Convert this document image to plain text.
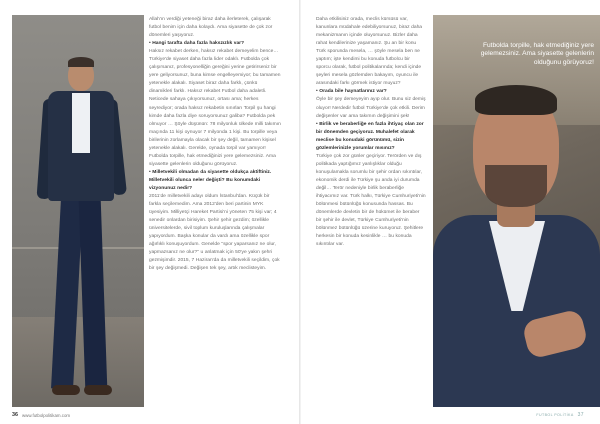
Allah'ın verdiği yeteneği biraz daha ilerleterek, çalışarak futbol benim için daha kolaydı. Ama siyasette de çok zor dönemleri yaşıyoruz.

• Hangi tarafta daha fazla hakszızlık var?

Haksız rekabet derken, haksız rekabet demeyelim bence… Türkiye'de siyaset daha fazla lider odaklı. Futbolda çok çalışırsanız, profesyonelliğin gereğini yerine getirirseniz bir yere geliyorsunuz, buna kimse engelleyemiyor; bu tamamen yeteneklе alakalı. Siyaset biraz daha farklı, çünkü dinamikleri farklı. Haksız rekabet Futbol daha adaletli. Neticede sahaya çıkıyorsunuz, ortası ama; herkes seyrediyor; orada haksız rekabetin sınırları Torpil şu hangi kimde daha fazla diye soruyorsunuz galiba? Futbolda pek olmuyor … Şöyle düşünün: 78 milyonluk ülkede milli takımın maçında 11 kişi oynuyor 7 milyonda 1 kişi. Bu torpille veya birilerinin zorlamayla olacak bir şey değil, tamamen kişisel yetenekle alakalı. Gerelde, oynada torpil var yamıyor! Futbolda torpille, hak etmediğinizi yere gelemezsiniz. Ama siyasette gelenlerin olduğunu görüyoruz.

• Milletvekili olmadan da siyasette oldukça aktiftiniz. Milletvekili olunca neler değişti? Bu konumdaki vizyonunuz nedir?

2011'de milletvekili adayı oldum İstanbul'dan. Küçük bir farkla seçilemedim. Ama 2012'den beri partinin MYK üyesiyim. Milliyetçi Hareket Partisi'ni yöneten 75 kişi var; 4 senedir onlardan birisiyim. Şehir şehir gezdim; özellikle üniversitelerde, sivil toplum kuruluşlarında çalışmalar yapıyordum. Başka konular da vardı ama özellikle spor ağırlıklı konuşuyordum. Genelde "spor yaparsanız ne olur, yapmazsanız ne olur?" u anlatmak için 50'ye yakın şehri gezmişimdir. 2015, 7 Haziran'da da milletvekili seçildim, çok bir şey değişmedi. Değişen tek şey, artık meclisteyim.

36 www.futbolpolitikam.com

Daha etkilisiniz orada, meclis kürsüsü var, kanunlara müdahale edebiliyorsunuz, biraz daha mekanizmanın içinde oluyorsunuz. Bizler daha rahat kendilerinize yaşamanız. Şu an bir konu Türk sporunda mesela, … şöyle mesela ben ne yaptım; işte kendimi bu konuda futbolcu bir sporcu olarak, futbol politikalarında; kendi içinde şeyleri mesela gözlemden bakayım, oyuncu ile arasındaki farkı görmek istiyor muyuz?

• Orada bile haynatlarınız var?

Öyle bir şey demeyeyim ayıp olur. Bunu siz demiş oluyor! Nerdedir futbol Türkiye'de çok etkili. Derim değişenler var ama takımın değişimini şek!

• Birlik ve beraberliğe en fazla ihtiyaç olan zor bir dönemden geçiyoruz. Muhalefet olarak meclise bu konudaki görünümü, sizin gözlemlerinizle yorumlar mısınız?

Türkiye çok zor günler geçiriyor. Terörden ve dış politikada yaptığımız yanlışlıklar olduğu konuşulamakla sorumlu bir şehir ordan sıkıntılar, ekonomik derdi ile Türkiye şu anda iyi durumda değil… Terör nedeniyle birlik beraberliğe ihtiyacımız var. Türk halkı, Türkiye Cumhuriyeti'nin bölünmesi bütünlüğü konusunda hassas. Bu dönemlerde devletin bir de hükümet ile beraber bir şehir ile devlet, Türkiye Cumhuriyeti'nin bölünmez bütünlüğü üzerine kuruyoruz. Şehitlere herkesin bir konuda kesinlikle … bu konuda sıkıntılar var.

Futbolda torpille, hak etmediğiniz yere gelemezsiniz. Ama siyasette gelenlerin olduğunu görüyoruz!
FUTBOL POLİTİKA 37
